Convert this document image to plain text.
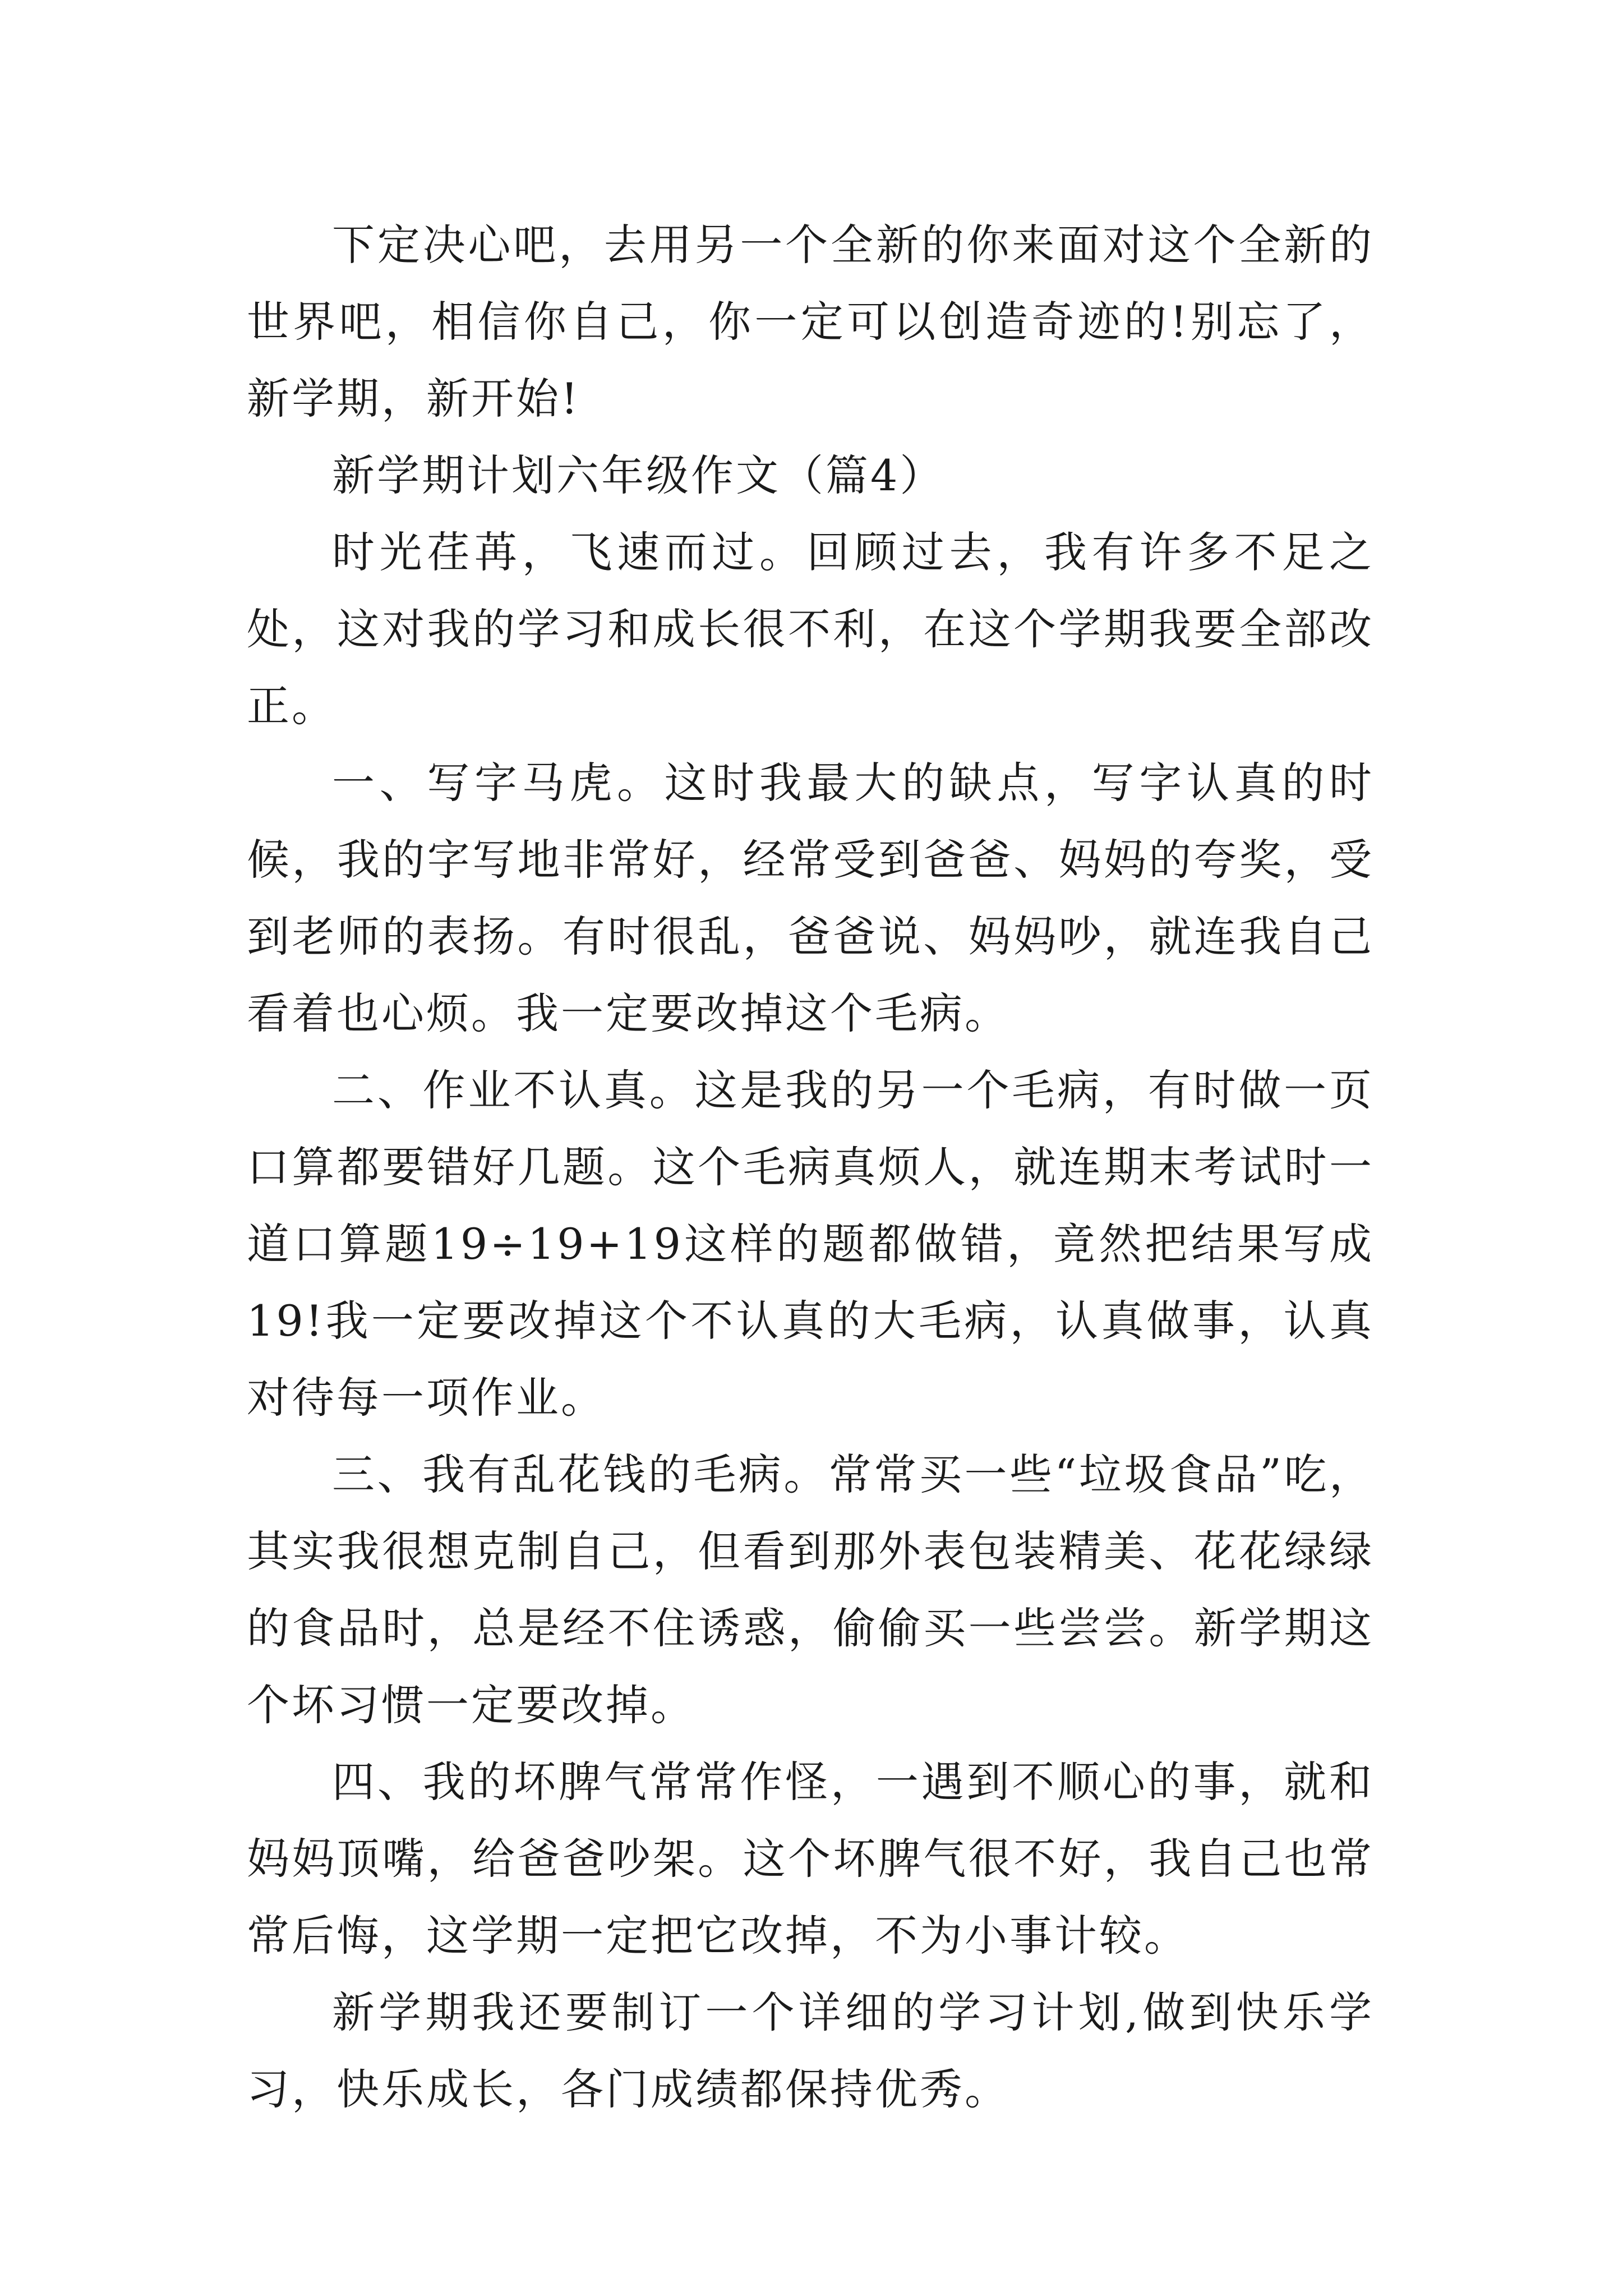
下定决心吧，去用另一个全新的你来面对这个全新的世界吧，相信你自己，你一定可以创造奇迹的!别忘了，新学期，新开始!

新学期计划六年级作文（篇4）

时光荏苒，飞速而过。回顾过去，我有许多不足之处，这对我的学习和成长很不利，在这个学期我要全部改正。

一、写字马虎。这时我最大的缺点，写字认真的时候，我的字写地非常好，经常受到爸爸、妈妈的夸奖，受到老师的表扬。有时很乱，爸爸说、妈妈吵，就连我自己看着也心烦。我一定要改掉这个毛病。

二、作业不认真。这是我的另一个毛病，有时做一页口算都要错好几题。这个毛病真烦人，就连期末考试时一道口算题19÷19+19这样的题都做错，竟然把结果写成19!我一定要改掉这个不认真的大毛病，认真做事，认真对待每一项作业。

三、我有乱花钱的毛病。常常买一些“垃圾食品”吃，其实我很想克制自己，但看到那外表包装精美、花花绿绿的食品时，总是经不住诱惑，偷偷买一些尝尝。新学期这个坏习惯一定要改掉。

四、我的坏脾气常常作怪，一遇到不顺心的事，就和妈妈顶嘴，给爸爸吵架。这个坏脾气很不好，我自己也常常后悔，这学期一定把它改掉，不为小事计较。

新学期我还要制订一个详细的学习计划,做到快乐学习，快乐成长，各门成绩都保持优秀。
